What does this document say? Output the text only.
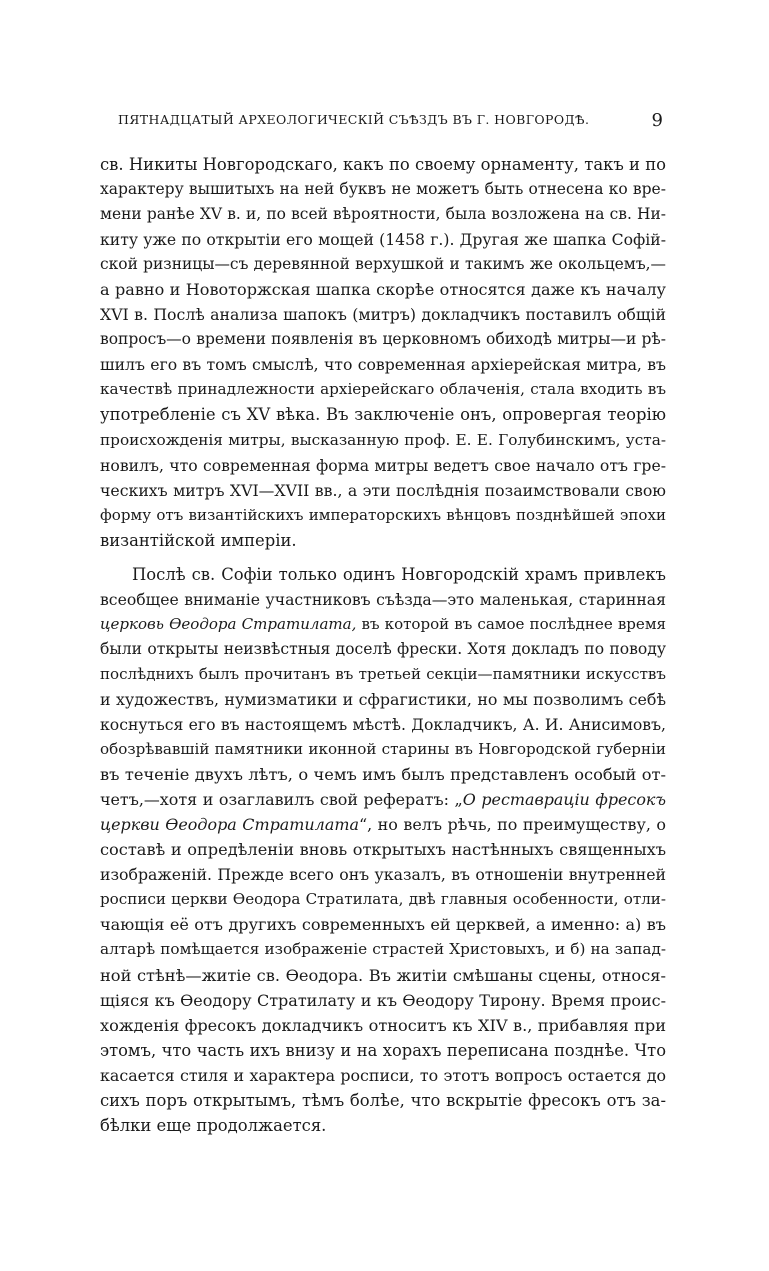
ПЯТНАДЦАТЫЙ АРХЕОЛОГИЧЕСКІЙ СЪѢЗДЪ ВЪ Г. НОВГОРОДѢ.	9
св. Никиты Новгородскаго, какъ по своему орнаменту, такъ и по
характеру вышитыхъ на ней буквъ не можетъ быть отнесена ко вре-
мени ранѣе XV в. и, по всей вѣроятности, была возложена на св. Ни-
киту уже по открытіи его мощей (1458 г.). Другая же шапка Софій-
ской ризницы—съ деревянной верхушкой и такимъ же окольцемъ,—
а равно и Новоторжская шапка скорѣе относятся даже къ началу
XVI в. Послѣ анализа шапокъ (митръ) докладчикъ поставилъ общій
вопросъ—о времени появленія въ церковномъ обиходѣ митры—и рѣ-
шилъ его въ томъ смыслѣ, что современная архіерейская митра, въ
качествѣ принадлежности архіерейскаго облаченія, стала входить въ
употребленіе съ XV вѣка. Въ заключеніе онъ, опровергая теорію
происхожденія митры, высказанную проф. Е. Е. Голубинскимъ, уста-
новилъ, что современная форма митры ведетъ свое начало отъ гре-
ческихъ митръ XVI—XVII вв., а эти послѣднія позаимствовали свою
форму отъ византійскихъ императорскихъ вѣнцовъ позднѣйшей эпохи
византійской имперіи.
Послѣ св. Софіи только одинъ Новгородскій храмъ привлекъ
всеобщее вниманіе участниковъ съѣзда—это маленькая, старинная
церковь Ѳеодора Стратилата, въ которой въ самое послѣднее время
были открыты неизвѣстныя доселѣ фрески. Хотя докладъ по поводу
послѣднихъ былъ прочитанъ въ третьей секціи—памятники искусствъ
и художествъ, нумизматики и сфрагистики, но мы позволимъ себѣ
коснуться его въ настоящемъ мѣстѣ. Докладчикъ, А. И. Анисимовъ,
обозрѣвавшій памятники иконной старины въ Новгородской губерніи
въ теченіе двухъ лѣтъ, о чемъ имъ былъ представленъ особый от-
четъ,—хотя и озаглавилъ свой рефератъ: „О реставраціи фресокъ
церкви Ѳеодора Стратилата“, но велъ рѣчь, по преимуществу, о
составѣ и опредѣленіи вновь открытыхъ настѣнныхъ священныхъ
изображеній. Прежде всего онъ указалъ, въ отношеніи внутренней
росписи церкви Ѳеодора Стратилата, двѣ главныя особенности, отли-
чающія её отъ другихъ современныхъ ей церквей, а именно: а) въ
алтарѣ помѣщается изображеніе страстей Христовыхъ, и б) на запад-
ной стѣнѣ—житіе св. Ѳеодора. Въ житіи смѣшаны сцены, относя-
щіяся къ Ѳеодору Стратилату и къ Ѳеодору Тирону. Время проис-
хожденія фресокъ докладчикъ относитъ къ XIV в., прибавляя при
этомъ, что часть ихъ внизу и на хорахъ переписана позднѣе. Что
касается стиля и характера росписи, то этотъ вопросъ остается до
сихъ поръ открытымъ, тѣмъ болѣе, что вскрытіе фресокъ отъ за-
бѣлки еще продолжается.
